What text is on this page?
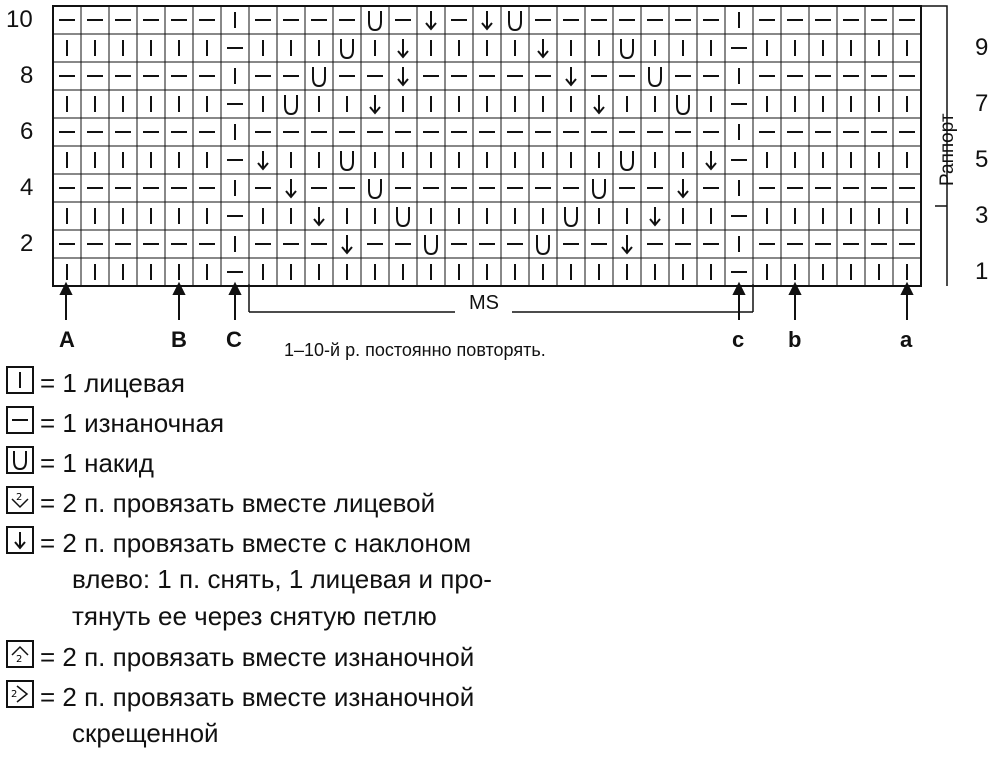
10
8
6
4
2
9
7
5
3
1
Раппорт
MS
A	B C	c b	a
1–10-й р. постоянно повторять.
= 1 лицевая
= 1 изнаночная
= 1 накид
2 = 2 п. провязать вместе лицевой
= 2 п. провязать вместе с наклоном
влево: 1 п. снять, 1 лицевая и про-
тянуть ее через снятую петлю
2 = 2 п. провязать вместе изнаночной
2 = 2 п. провязать вместе изнаночной
скрещенной
